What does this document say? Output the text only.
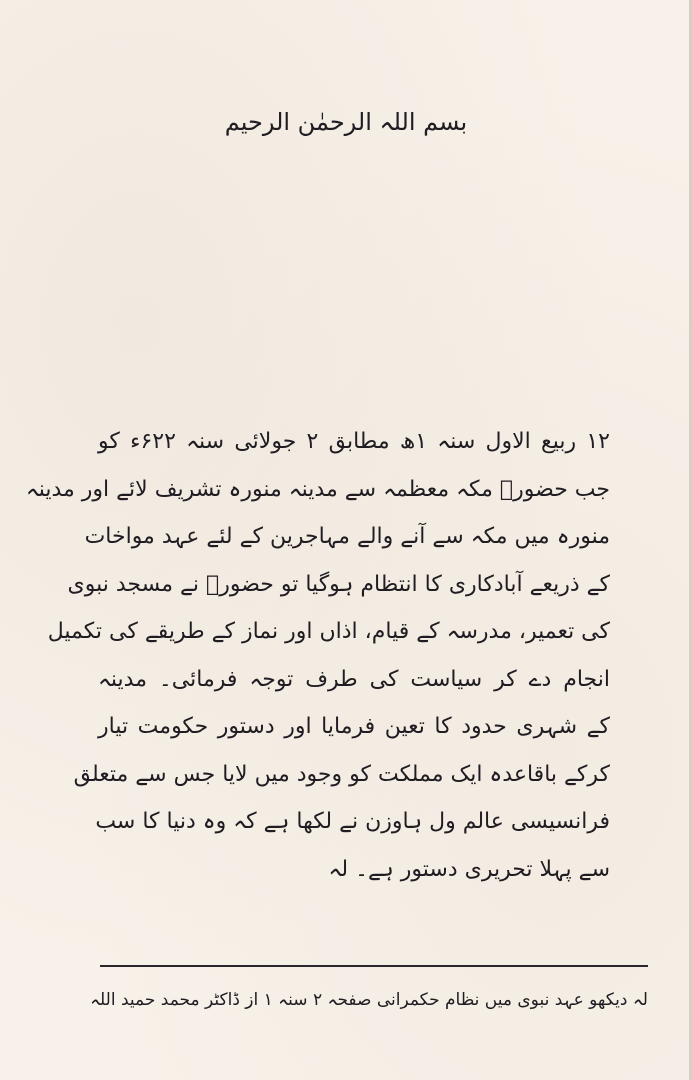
بسم اللہ الرحمٰن الرحیم
۱۲ ربیع الاول سنہ ۱ھ مطابق ۲ جولائی سنہ ۶۲۲ء کو
جب حضورؐ مکہ معظمہ سے مدینہ منورہ تشریف لائے اور مدینہ
منورہ میں مکہ سے آنے والے مہاجرین کے لئے عہد مواخات
کے ذریعے آبادکاری کا انتظام ہوگیا تو حضورؐ نے مسجد نبوی
کی تعمیر، مدرسہ کے قیام، اذاں اور نماز کے طریقے کی تکمیل
انجام دے کر سیاست کی طرف توجہ فرمائی۔ مدینہ
کے شہری حدود کا تعین فرمایا اور دستور حکومت تیار
کرکے باقاعدہ ایک مملکت کو وجود میں لایا جس سے متعلق
فرانسیسی عالم ول ہاوزن نے لکھا ہے کہ وہ دنیا کا سب
سے پہلا تحریری دستور ہے۔ لہ
لہ دیکھو عہد نبوی میں نظام حکمرانی صفحہ ۲ سنہ ۱ از ڈاکٹر محمد حمید اللہ
